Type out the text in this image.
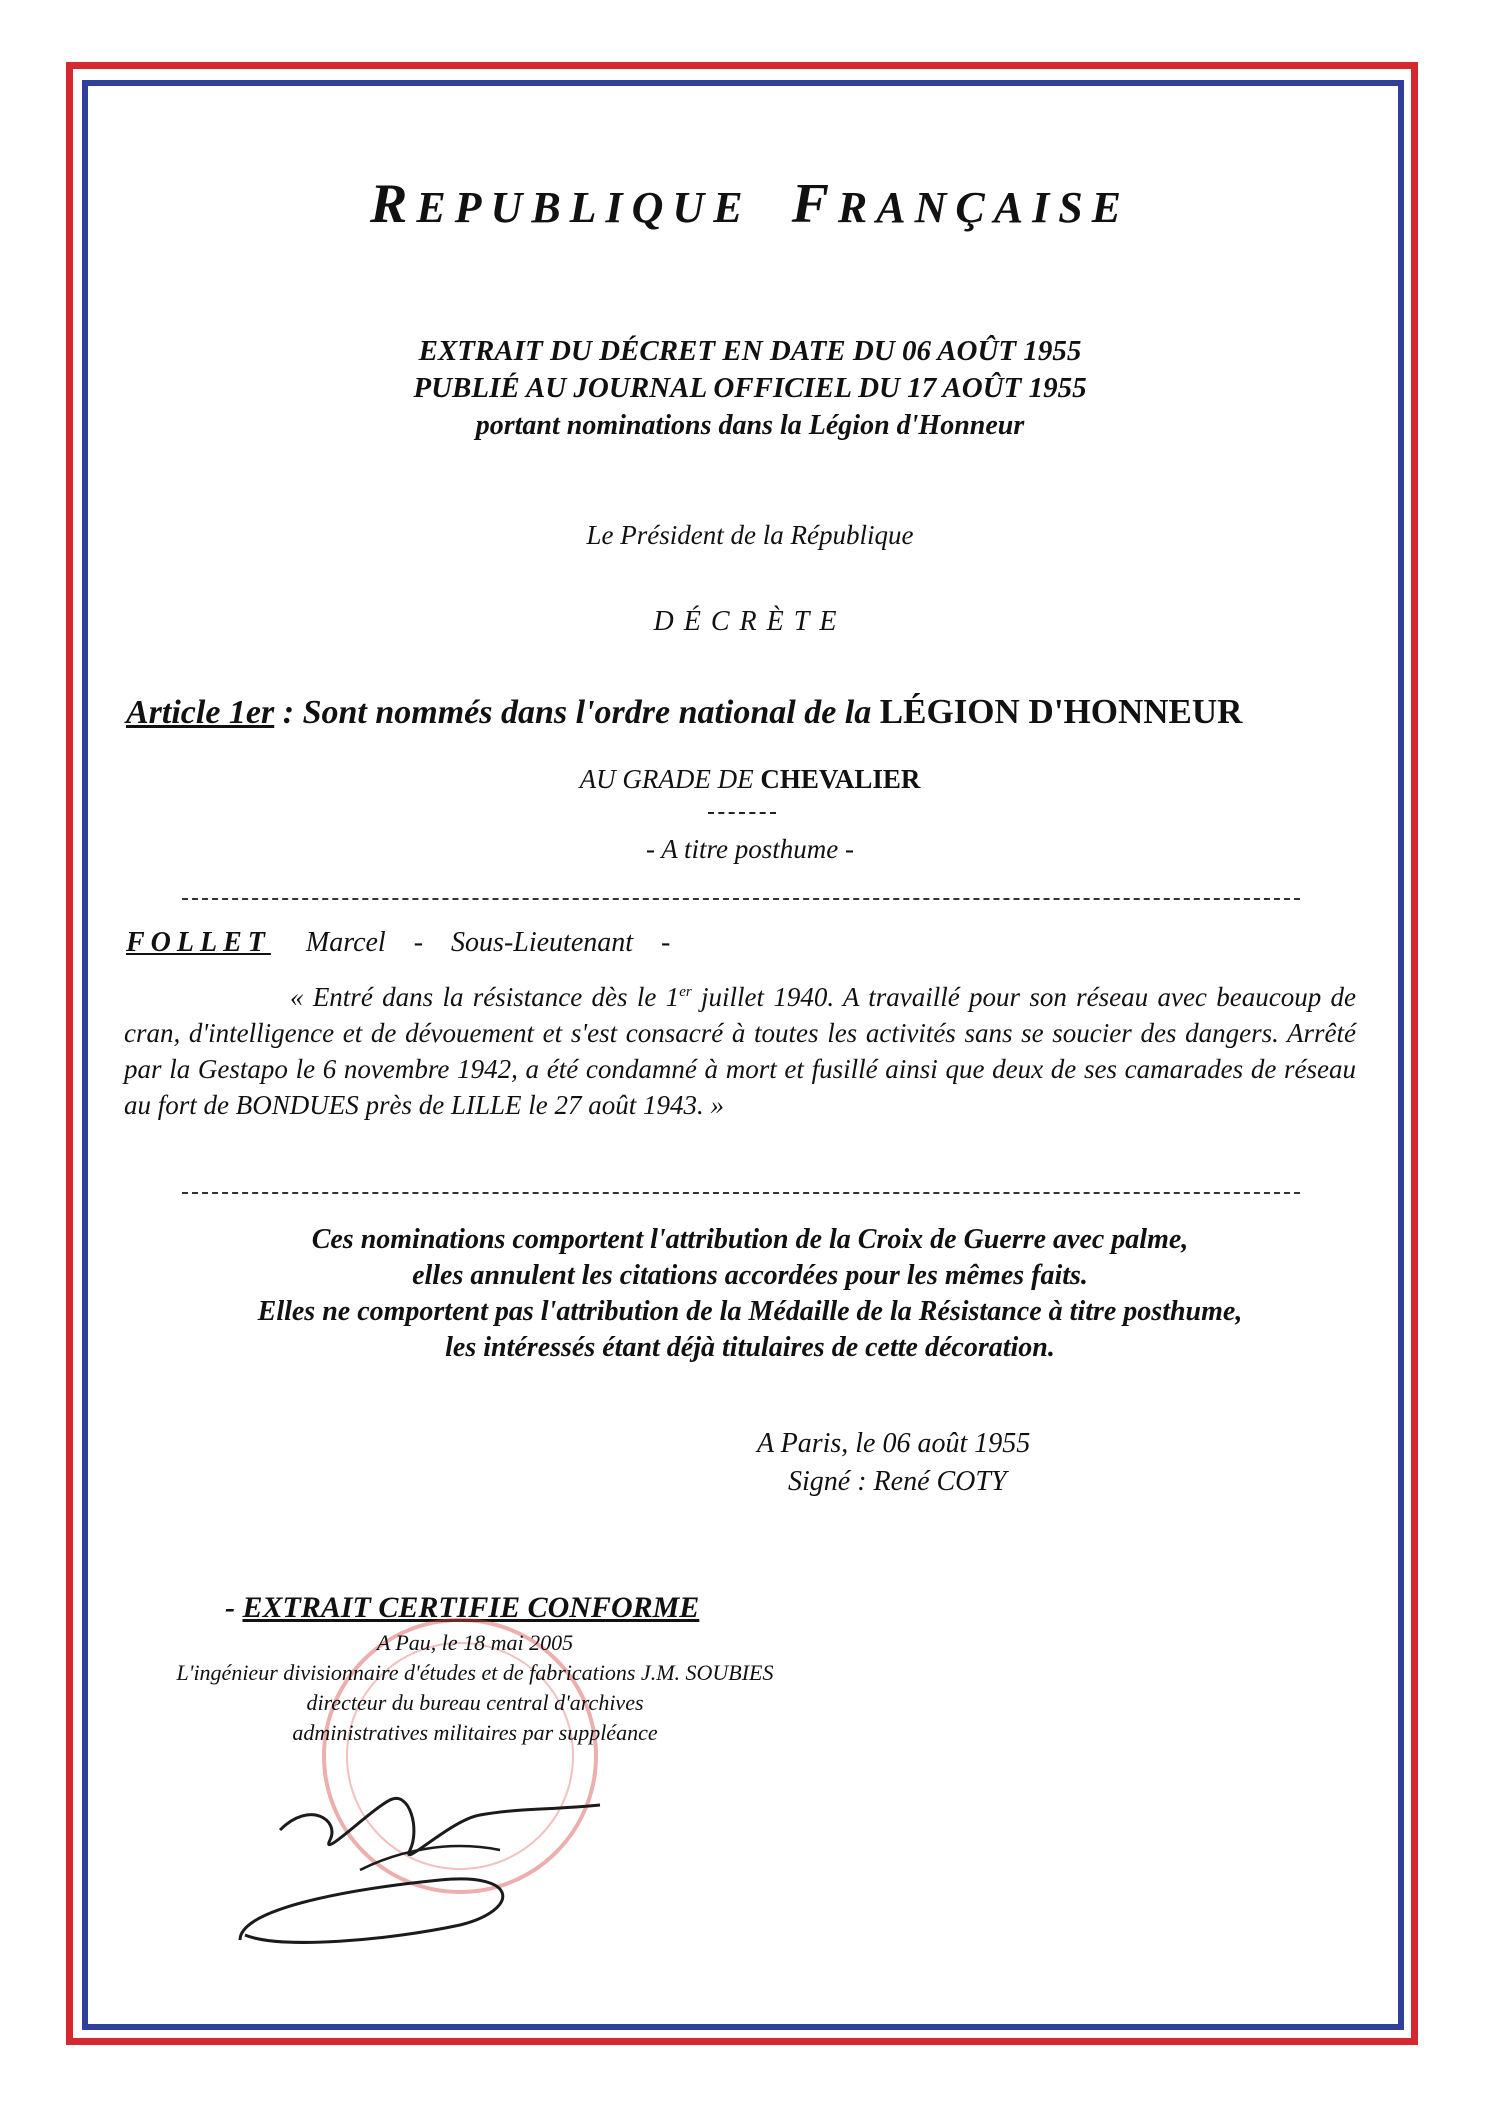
REPUBLIQUE FRANÇAISE
EXTRAIT DU DÉCRET EN DATE DU 06 AOÛT 1955
PUBLIÉ AU JOURNAL OFFICIEL DU 17 AOÛT 1955
portant nominations dans la Légion d'Honneur
Le Président de la République
DÉCRÈTE
Article 1er : Sont nommés dans l'ordre national de la LÉGION D'HONNEUR
AU GRADE DE CHEVALIER
- A titre posthume -
FOLLET Marcel - Sous-Lieutenant -
« Entré dans la résistance dès le 1er juillet 1940. A travaillé pour son réseau avec beaucoup de cran, d'intelligence et de dévouement et s'est consacré à toutes les activités sans se soucier des dangers. Arrêté par la Gestapo le 6 novembre 1942, a été condamné à mort et fusillé ainsi que deux de ses camarades de réseau au fort de BONDUES près de LILLE le 27 août 1943. »
Ces nominations comportent l'attribution de la Croix de Guerre avec palme,
elles annulent les citations accordées pour les mêmes faits.
Elles ne comportent pas l'attribution de la Médaille de la Résistance à titre posthume,
les intéressés étant déjà titulaires de cette décoration.
A Paris, le 06 août 1955
Signé : René COTY
- EXTRAIT CERTIFIE CONFORME
A Pau, le 18 mai 2005
L'ingénieur divisionnaire d'études et de fabrications J.M. SOUBIES
directeur du bureau central d'archives
administratives militaires par suppléance
